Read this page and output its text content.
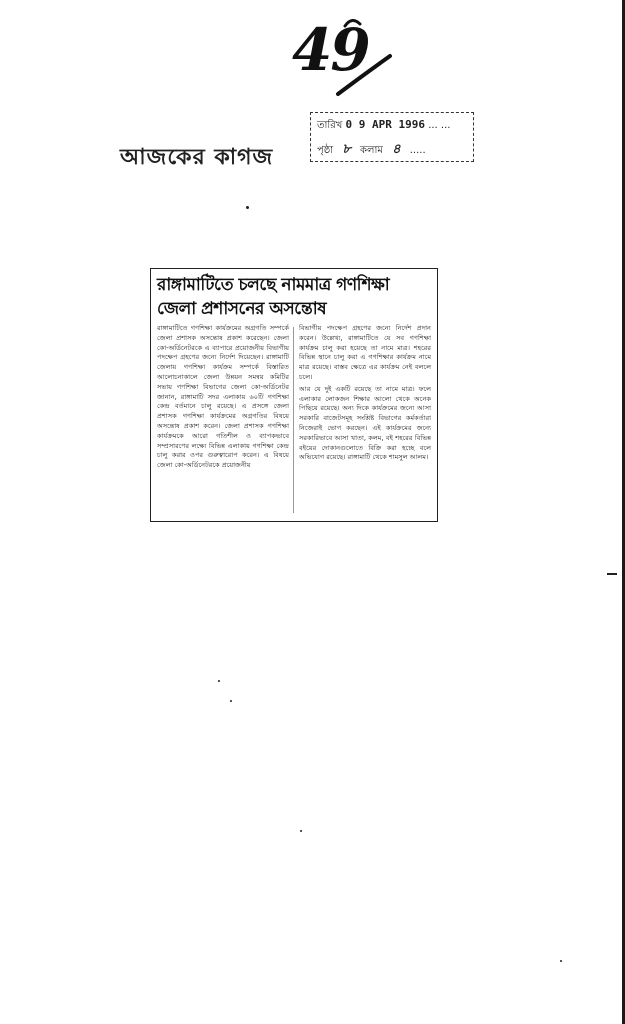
49
আজকের কাগজ
তারিখ 0 9 APR 1996 ... ...
পৃষ্ঠা ৮ কলাম ৪ .....
রাঙ্গামাটিতে চলছে নামমাত্র গণশিক্ষা
জেলা প্রশাসনের অসন্তোষ

রাঙ্গামাটিতে গণশিক্ষা কার্যক্রমের অগ্রগতি সম্পর্কে জেলা প্রশাসক অসন্তোষ প্রকাশ করেছেন। জেলা কো-অর্ডিনেটরকে এ ব্যাপারে প্রয়োজনীয় বিভাগীয় পদক্ষেপ গ্রহণের জন্যে নির্দেশ দিয়েছেন। রাঙ্গামাটি জেলায় গণশিক্ষা কার্যক্রম সম্পর্কে বিস্তারিত আলোচনাকালে জেলা উন্নয়ন সমন্বয় কমিটির সভায় গণশিক্ষা বিভাগের জেলা কো-অর্ডিনেটর জানান, রাঙ্গামাটি সদর এলাকায় ৬০টি গণশিক্ষা কেন্দ্র বর্তমানে চালু রয়েছে। এ প্রসঙ্গে জেলা প্রশাসক গণশিক্ষা কার্যক্রমের অগ্রগতির বিষয়ে অসন্তোষ প্রকাশ করেন। জেলা প্রশাসক গণশিক্ষা কার্যক্রমকে আরো গতিশীল ও ব্যাপকভাবে সম্প্রসারণের লক্ষ্যে বিভিন্ন এলাকায় গণশিক্ষা কেন্দ্র চালু করার ওপর গুরুত্বারোপ করেন। এ বিষয়ে জেলা কো-অর্ডিনেটরকে প্রয়োজনীয়

বিভাগীয় পদক্ষেপ গ্রহণের জন্যে নির্দেশ প্রদান করেন। উল্লেখ্য, রাঙ্গামাটিতে যে সব গণশিক্ষা কার্যক্রম চালু করা হয়েছে তা নামে মাত্র। শহরের বিভিন্ন স্থানে চালু করা এ গণশিক্ষার কার্যক্রম নামে মাত্র রয়েছে। বাস্তব ক্ষেত্রে এর কার্যক্রম নেই বললে চলে।

আর যে দুই একটি রয়েছে তা নামে মাত্র। ফলে এলাকার লোকজন শিক্ষার আলো থেকে অনেক পিছিয়ে রয়েছে। অন্য দিকে কার্যক্রমের জন্যে আসা সরকারি বাজেটসমূহ সংশ্লিষ্ট বিভাগের কর্মকর্তারা নিজেরাই ভোগ করছেন। এই কার্যক্রমের জন্যে সরকারিভাবে আসা খাতা, কলম, বই শহরের বিভিন্ন বইয়ের দোকানগুলোতে বিক্রি করা হচ্ছে বলে অভিযোগ রয়েছে। রাঙ্গামাটি থেকে শামসুল আলম।
